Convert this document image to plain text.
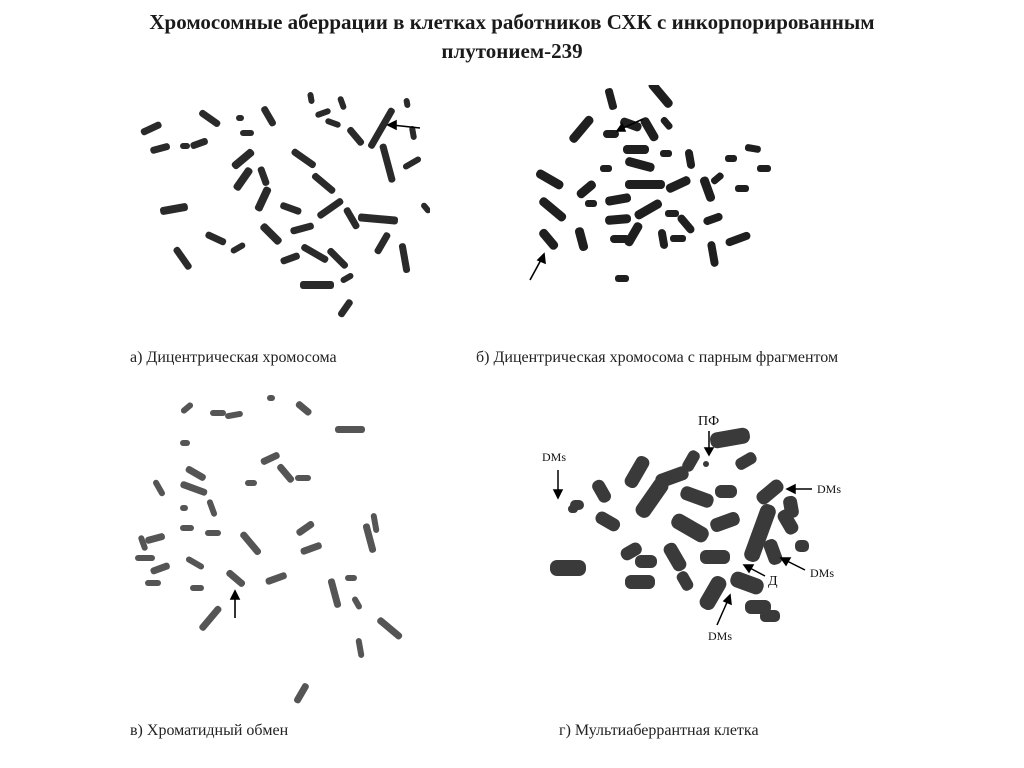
Хромосомные аберрации в клетках работников СХК с инкорпорированным
плутонием-239
а) Дицентрическая хромосома	б) Дицентрическая хромосома с парным фрагментом
в) Хроматидный обмен
ПФ
DMs
DMs
DMs
Д
DMs
г) Мультиаберрантная клетка
